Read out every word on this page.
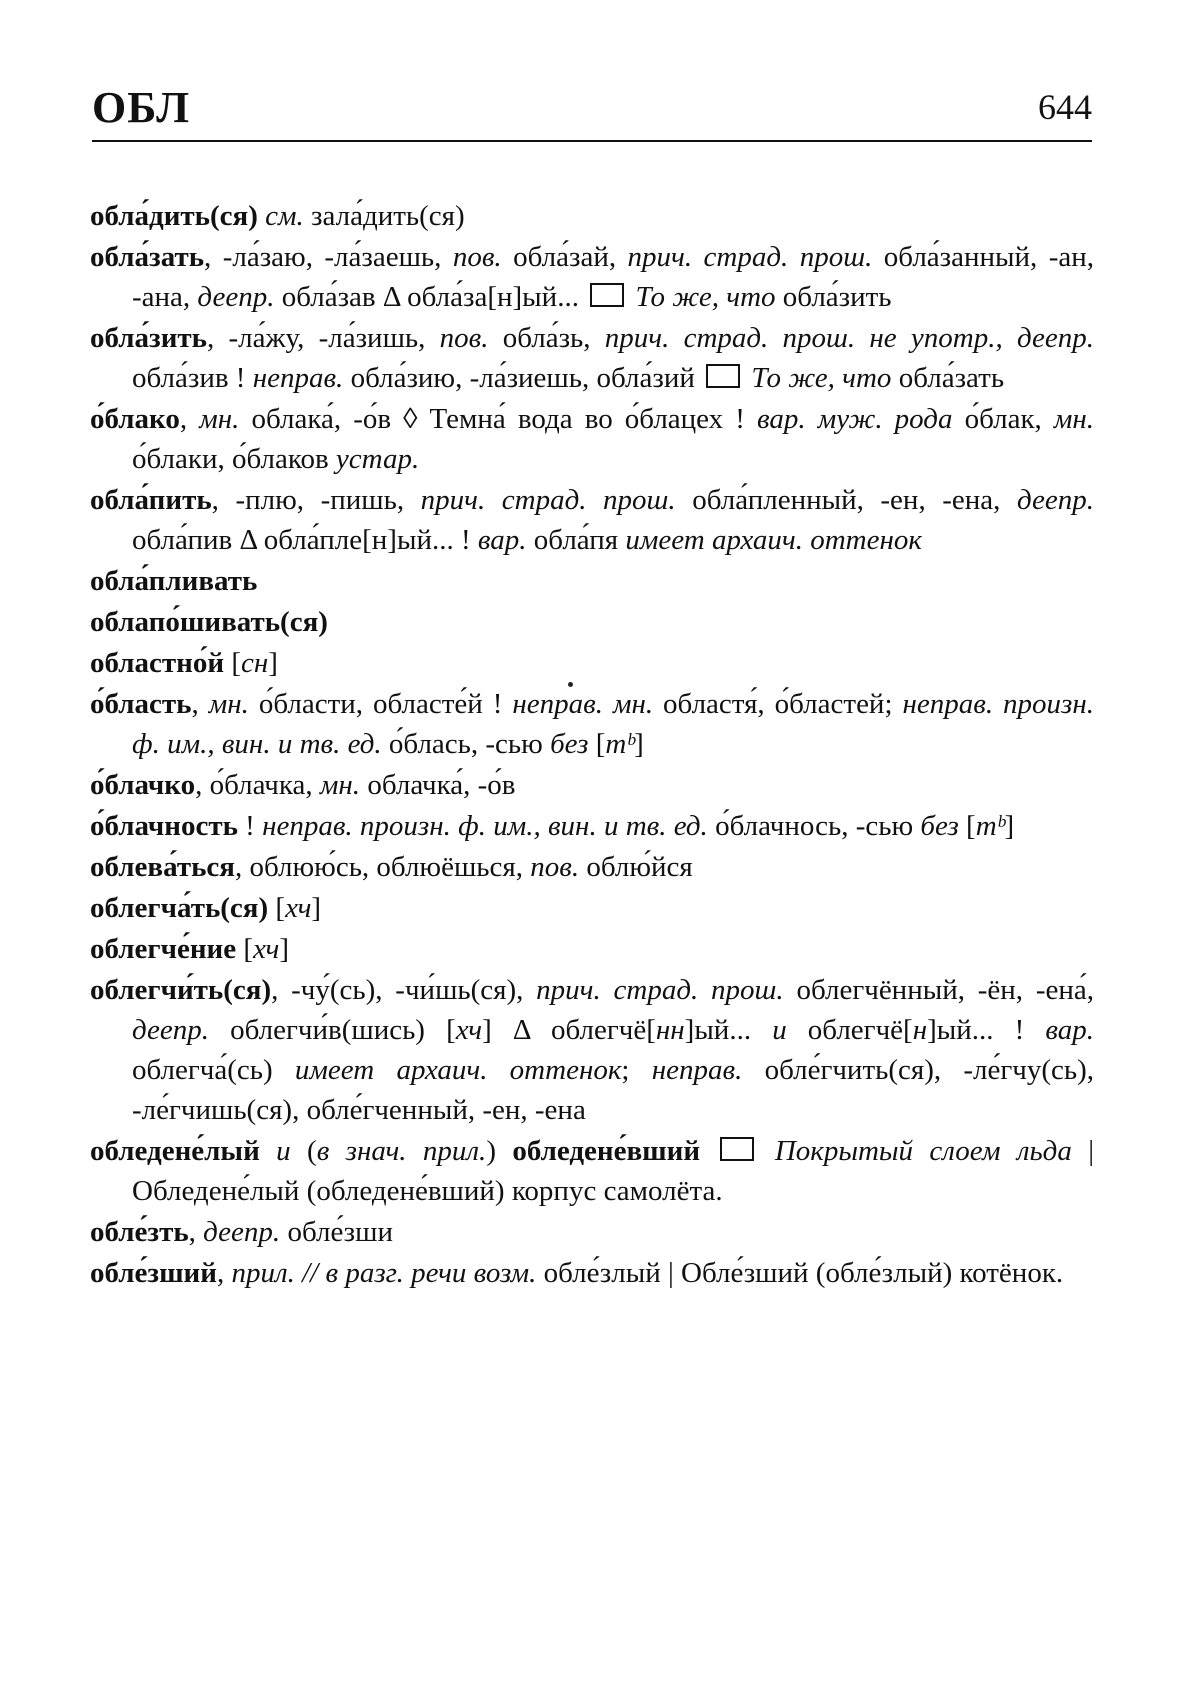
ОБЛ	644

обла́дить(ся) см. зала́дить(ся)

обла́зать, -ла́заю, -ла́заешь, пов. обла́зай, прич. страд. прош. обла́занный, -ан, -ана, деепр. обла́зав Δ обла́за[н]ый...  То же, что обла́зить

обла́зить, -ла́жу, -ла́зишь, пов. обла́зь, прич. страд. прош. не употр., деепр. обла́зив ! неправ. обла́зию, -ла́зиешь, обла́зий  То же, что обла́зать

о́блако, мн. облака́, -о́в ◊ Темна́ вода во о́блацех ! вар. муж. рода о́блак, мн. о́блаки, о́блаков устар.

обла́пить, -плю, -пишь, прич. страд. прош. обла́пленный, -ен, -ена, деепр. обла́пив Δ обла́пле[н]ый... ! вар. обла́пя имеет архаич. оттенок

обла́пливать

облапо́шивать(ся)

областно́й [сн]

о́бласть, мн. о́бласти, областе́й ! неправ. мн. областя́, о́бластей; неправ. произн. ф. им., вин. и тв. ед. о́блась, -сью без [тᵇ]

о́блачко, о́блачка, мн. облачка́, -о́в

о́блачность ! неправ. произн. ф. им., вин. и тв. ед. о́блачнось, -сью без [тᵇ]

облева́ться, облюю́сь, облюёшься, пов. облю́йся

облегча́ть(ся) [хч]

облегче́ние [хч]

облегчи́ть(ся), -чу́(сь), -чи́шь(ся), прич. страд. прош. облегчённый, -ён, -ена́, деепр. облегчи́в(шись) [хч] Δ облегчё[нн]ый... и облегчё[н]ый... ! вар. облегча́(сь) имеет архаич. оттенок; неправ. обле́гчить(ся), -ле́гчу(сь), -ле́гчишь(ся), обле́гченный, -ен, -ена

обледене́лый и (в знач. прил.) обледене́вший	Покрытый слоем льда | Обледене́лый (обледене́вший) корпус самолёта.

обле́зть, деепр. обле́зши

обле́зший, прил. // в разг. речи возм. обле́злый | Обле́зший (обле́злый) котёнок.
